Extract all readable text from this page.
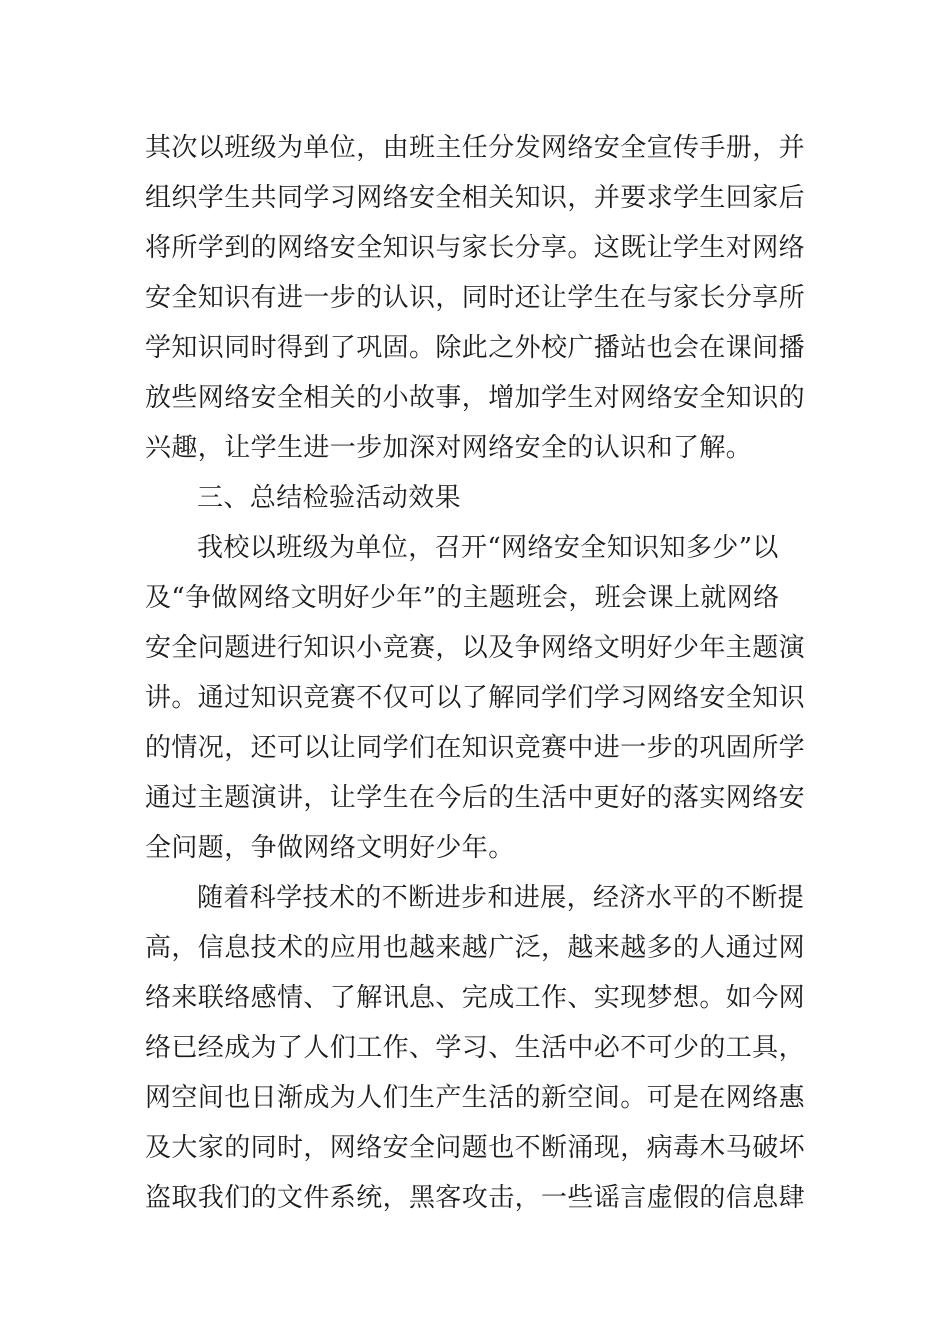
其次以班级为单位，由班主任分发网络安全宣传手册，并

组织学生共同学习网络安全相关知识，并要求学生回家后

将所学到的网络安全知识与家长分享。这既让学生对网络

安全知识有进一步的认识，同时还让学生在与家长分享所

学知识同时得到了巩固。除此之外校广播站也会在课间播

放些网络安全相关的小故事，增加学生对网络安全知识的

兴趣，让学生进一步加深对网络安全的认识和了解。

三、总结检验活动效果

我校以班级为单位，召开“网络安全知识知多少”以

及“争做网络文明好少年”的主题班会，班会课上就网络

安全问题进行知识小竞赛，以及争网络文明好少年主题演

讲。通过知识竞赛不仅可以了解同学们学习网络安全知识

的情况，还可以让同学们在知识竞赛中进一步的巩固所学

通过主题演讲，让学生在今后的生活中更好的落实网络安

全问题，争做网络文明好少年。

随着科学技术的不断进步和进展，经济水平的不断提

高，信息技术的应用也越来越广泛，越来越多的人通过网

络来联络感情、了解讯息、完成工作、实现梦想。如今网

络已经成为了人们工作、学习、生活中必不可少的工具，

网空间也日渐成为人们生产生活的新空间。可是在网络惠

及大家的同时，网络安全问题也不断涌现，病毒木马破坏

盗取我们的文件系统，黑客攻击，一些谣言虚假的信息肆
